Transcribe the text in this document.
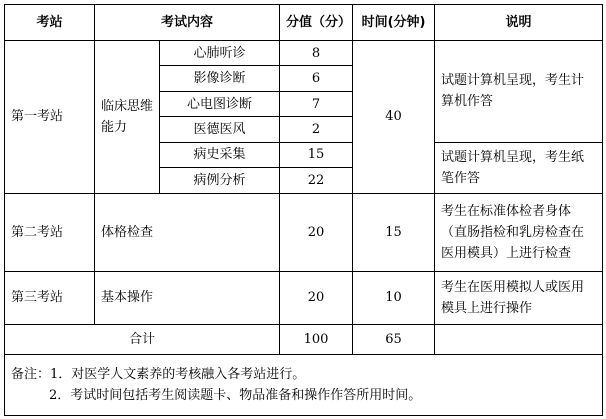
考站	考试内容		分值（分）	时间(分钟)	说明
第一考站	临床思维能力	心肺听诊	8	40	试题计算机呈现，考生计算机作答
		影像诊断	6		
		心电图诊断	7		
		医德医风	2		
		病史采集	15		试题计算机呈现，考生纸笔作答
		病例分析	22		
第二考站	体格检查		20	15	考生在标准体检者身体（直肠指检和乳房检查在医用模具）上进行检查
第三考站	基本操作		20	10	考生在医用模拟人或医用模具上进行操作
合计			100	65	

备注：1．对医学人文素养的考核融入各考站进行。
2．考试时间包括考生阅读题卡、物品准备和操作作答所用时间。					
